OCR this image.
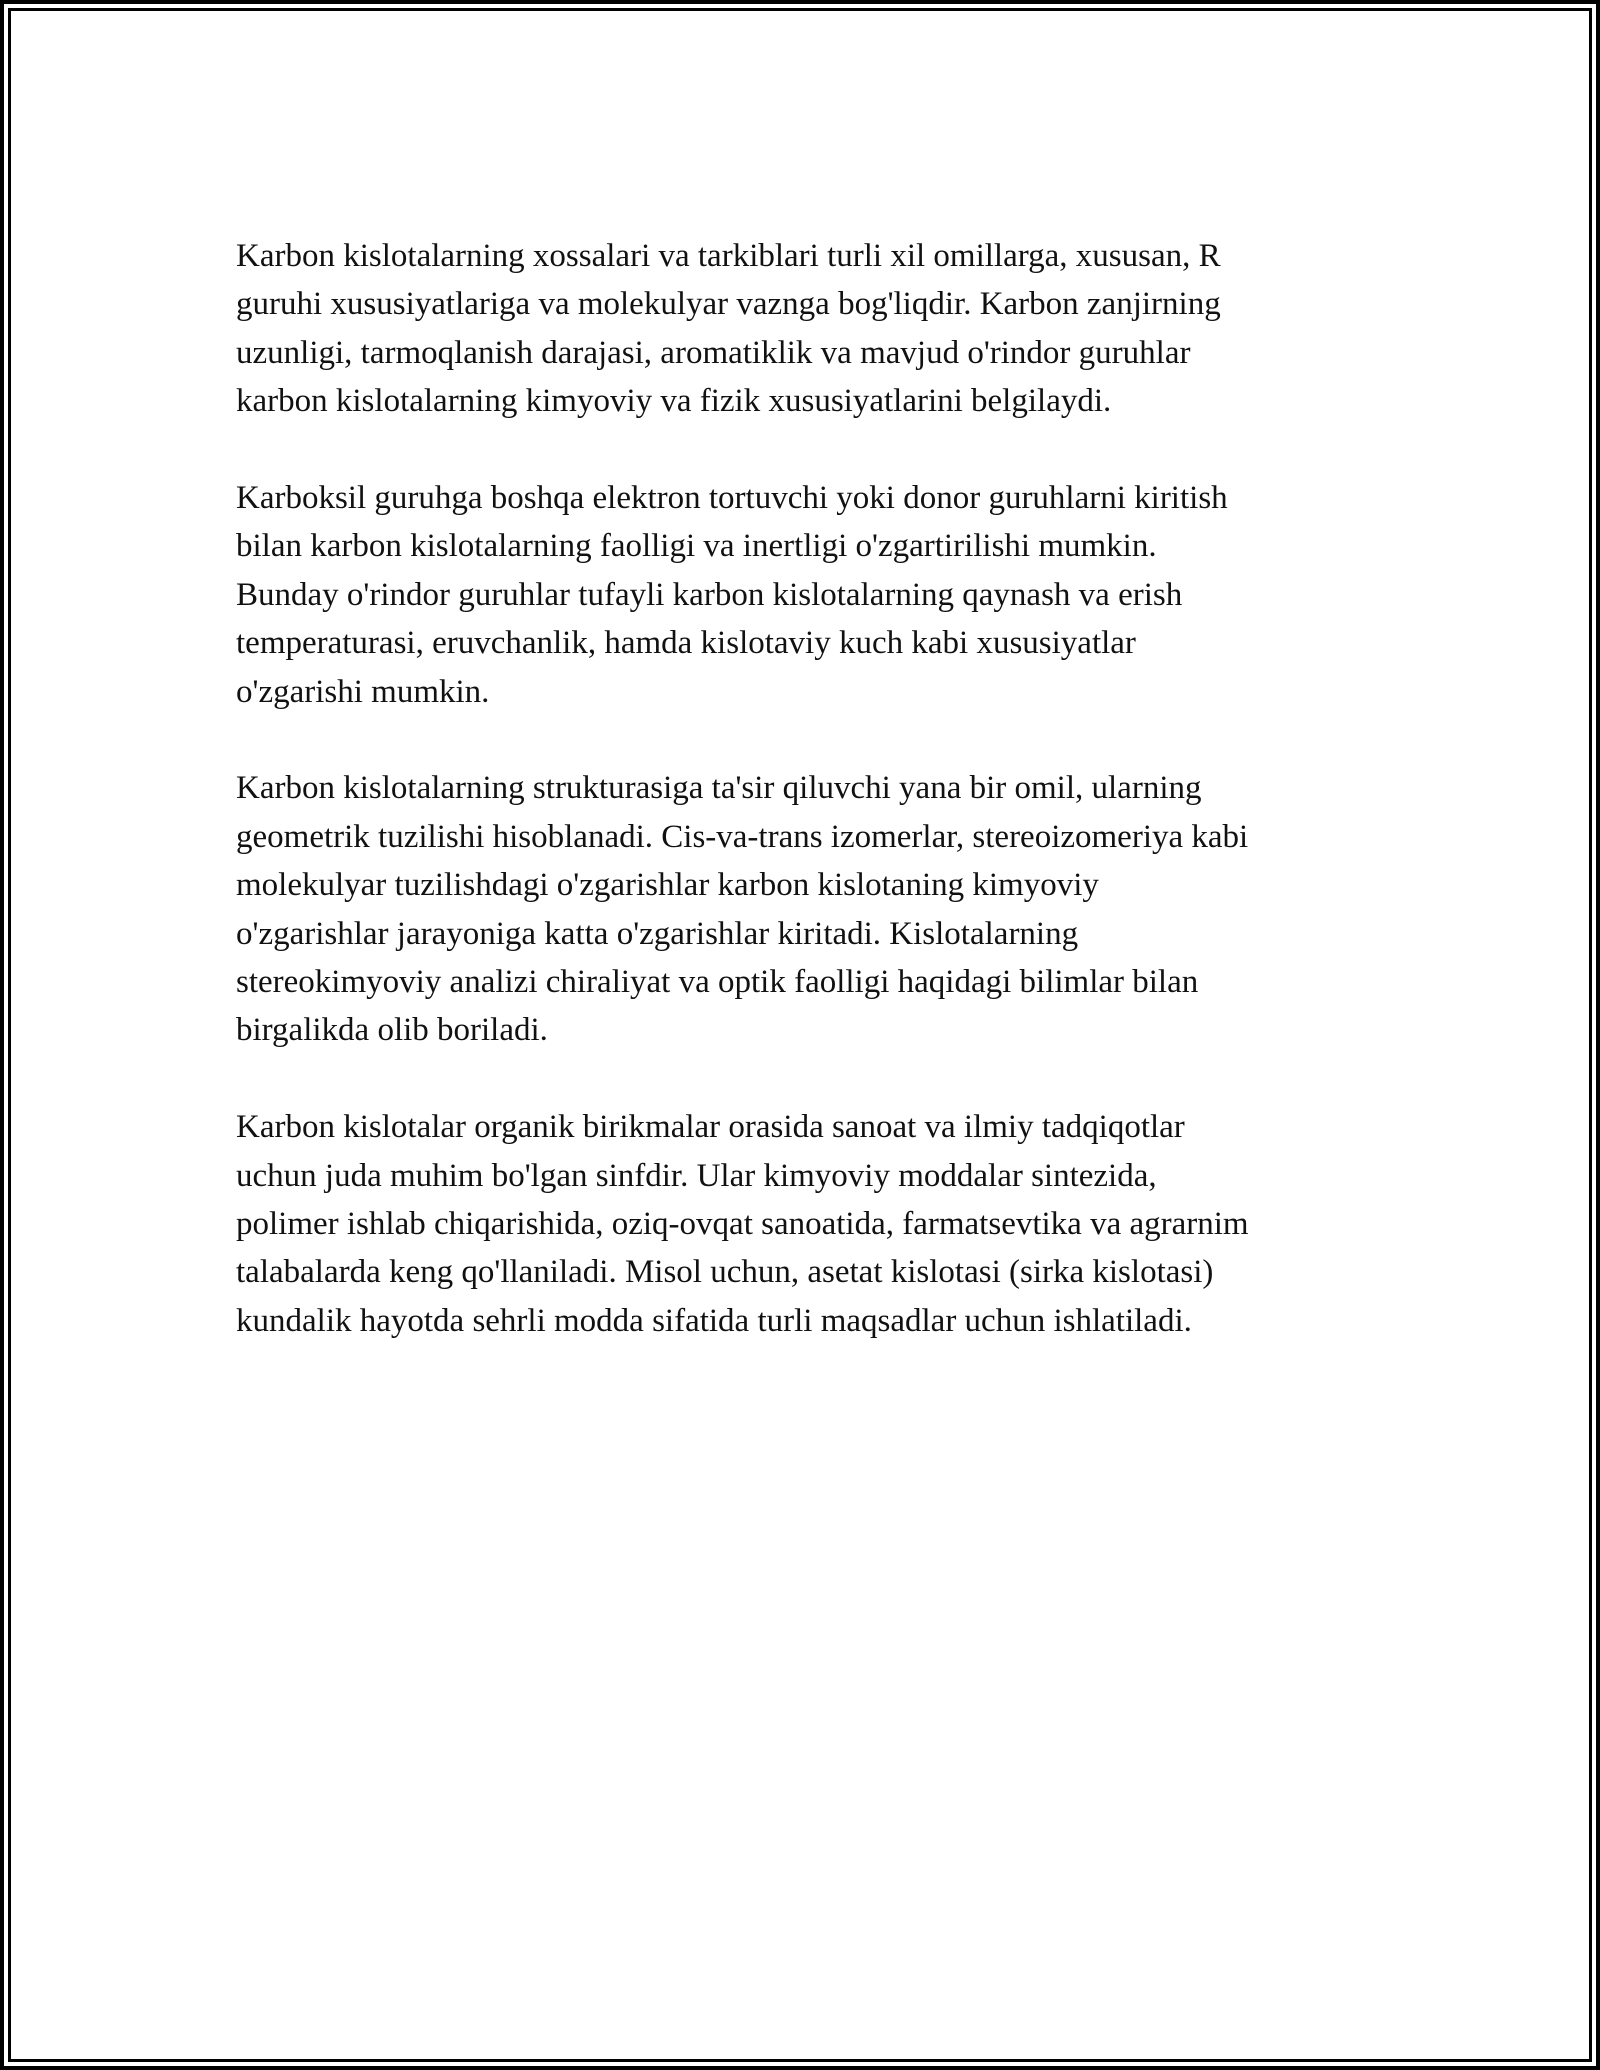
Karbon kislotalarning xossalari va tarkiblari turli xil omillarga, xususan, R
guruhi xususiyatlariga va molekulyar vaznga bog'liqdir. Karbon zanjirning
uzunligi, tarmoqlanish darajasi, aromatiklik va mavjud o'rindor guruhlar
karbon kislotalarning kimyoviy va fizik xususiyatlarini belgilaydi.

Karboksil guruhga boshqa elektron tortuvchi yoki donor guruhlarni kiritish
bilan karbon kislotalarning faolligi va inertligi o'zgartirilishi mumkin.
Bunday o'rindor guruhlar tufayli karbon kislotalarning qaynash va erish
temperaturasi, eruvchanlik, hamda kislotaviy kuch kabi xususiyatlar
o'zgarishi mumkin.

Karbon kislotalarning strukturasiga ta'sir qiluvchi yana bir omil, ularning
geometrik tuzilishi hisoblanadi. Cis-va-trans izomerlar, stereoizomeriya kabi
molekulyar tuzilishdagi o'zgarishlar karbon kislotaning kimyoviy
o'zgarishlar jarayoniga katta o'zgarishlar kiritadi. Kislotalarning
stereokimyoviy analizi chiraliyat va optik faolligi haqidagi bilimlar bilan
birgalikda olib boriladi.

Karbon kislotalar organik birikmalar orasida sanoat va ilmiy tadqiqotlar
uchun juda muhim bo'lgan sinfdir. Ular kimyoviy moddalar sintezida,
polimer ishlab chiqarishida, oziq-ovqat sanoatida, farmatsevtika va agrarnim
talabalarda keng qo'llaniladi. Misol uchun, asetat kislotasi (sirka kislotasi)
kundalik hayotda sehrli modda sifatida turli maqsadlar uchun ishlatiladi.
